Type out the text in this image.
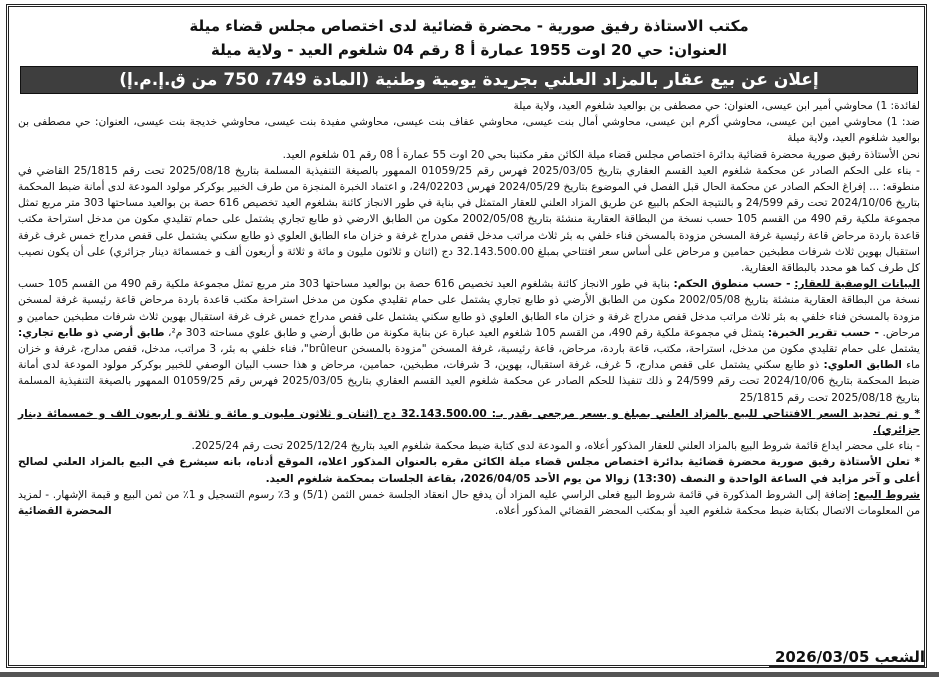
مكتب الاستاذة رفيق صورية - محضرة قضائية لدى اختصاص مجلس قضاء ميلة
العنوان: حي 20 اوت 1955 عمارة أ 8 رقم 04 شلغوم العيد - ولاية ميلة
إعلان عن بيع عقار بالمزاد العلني بجريدة يومية وطنية (المادة 749، 750 من ق.إ.م.إ)

لفائدة: 1) محاوشي أمير ابن عيسى، العنوان: حي مصطفى بن بوالعيد شلغوم العيد، ولاية ميلة

ضد: 1) محاوشي امين ابن عيسى، محاوشي أكرم ابن عيسى، محاوشي أمال بنت عيسى، محاوشي عفاف بنت عيسى، محاوشي مفيدة بنت عيسى، محاوشي خديجة بنت عيسى، العنوان: حي مصطفى بن بوالعيد شلغوم العيد، ولاية ميلة

نحن الأستاذة رفيق صورية محضرة قضائية بدائرة اختصاص مجلس قضاء ميلة الكائن مقر مكتبنا بحي 20 اوت 55 عمارة أ 08 رقم 01 شلغوم العيد.

- بناء على الحكم الصادر عن محكمة شلغوم العيد القسم العقاري بتاريخ 2025/03/05 فهرس رقم 01059/25 الممهور بالصيغة التنفيذية المسلمة بتاريخ 2025/08/18 تحت رقم 25/1815 القاضي في منطوقه: ... إفراغ الحكم الصادر عن محكمة الحال قبل الفصل في الموضوع بتاريخ 2024/05/29 فهرس 24/02203، و اعتماد الخبرة المنجزة من طرف الخبير بوكركر مولود المودعة لدى أمانة ضبط المحكمة بتاريخ 2024/10/06 تحت رقم 24/599 و بالنتيجة الحكم بالبيع عن طريق المزاد العلني للعقار المتمثل في بناية في طور الانجاز كائنة بشلغوم العيد تخصيص 616 حصة بن بوالعيد مساحتها 303 متر مربع تمثل مجموعة ملكية رقم 490 من القسم 105 حسب نسخة من البطاقة العقارية منشئة بتاريخ 2002/05/08 مكون من الطابق الارضي ذو طابع تجاري يشتمل على حمام تقليدي مكون من مدخل استراحة مكتب قاعدة باردة مرحاض قاعة رئيسية غرفة المسخن مزودة بالمسخن فناء خلفي به بئر ثلاث مراتب مدخل قفص مدراج غرفة و خزان ماء الطابق العلوي ذو طابع سكني يشتمل على قفص مدراج خمس غرف غرفة استقبال بهوين ثلاث شرفات مطبخين حمامين و مرحاض على أساس سعر افتتاحي بمبلغ 32.143.500.00 دج (اثنان و ثلاثون مليون و مائة و ثلاثة و أربعون ألف و خمسمائة دينار جزائري) على أن يكون نصيب كل طرف كما هو محدد بالبطاقة العقارية.

البيانات الوصفية للعقار: - حسب منطوق الحكم: بناية في طور الانجاز كائنة بشلغوم العيد تخصيص 616 حصة بن بوالعيد مساحتها 303 متر مربع تمثل مجموعة ملكية رقم 490 من القسم 105 حسب نسخة من البطاقة العقارية منشئة بتاريخ 2002/05/08 مكون من الطابق الأرضي ذو طابع تجاري يشتمل على حمام تقليدي مكون من مدخل استراحة مكتب قاعدة باردة مرحاض قاعة رئيسية غرفة لمسخن مزودة بالمسخن فناء خلفي به بئر ثلاث مراتب مدخل قفص مدراج غرفة و خزان ماء الطابق العلوي ذو طابع سكني يشتمل على قفص مدراج خمس غرف غرفة استقبال بهوين ثلاث شرفات مطبخين حمامين و مرحاض. - حسب تقرير الخبرة: يتمثل في مجموعة ملكية رقم 490، من القسم 105 شلغوم العيد عبارة عن بناية مكونة من طابق أرضي و طابق علوي مساحته 303 م²، طابق أرضي ذو طابع تجاري: يشتمل على حمام تقليدي مكون من مدخل، استراحة، مكتب، قاعة باردة، مرحاض، قاعة رئيسية، غرفة المسخن "مزودة بالمسخن brûleur"، فناء خلفي به بئر، 3 مراتب، مدخل، قفص مدارج، غرفة و خزان ماء الطابق العلوي: ذو طابع سكني يشتمل على قفص مدارج، 5 غرف، غرفة استقبال، بهوين، 3 شرفات، مطبخين، حمامين، مرحاض و هذا حسب البيان الوصفي للخبير بوكركر مولود المودعة لدى أمانة ضبط المحكمة بتاريخ 2024/10/06 تحت رقم 24/599 و ذلك تنفيذا للحكم الصادر عن محكمة شلغوم العيد القسم العقاري بتاريخ 2025/03/05 فهرس رقم 01059/25 الممهور بالصيغة التنفيذية المسلمة بتاريخ 2025/08/18 تحت رقم 25/1815

* و تم تحديد السعر الافتتاحي للبيع بالمزاد العلني بمبلغ و بسعر مرجعي يقدر بـ: 32.143.500.00 دج (اثنان و ثلاثون مليون و مائة و ثلاثة و اربعون الف و خمسمائة دينار جزائري).

- بناء على محضر ايداع قائمة شروط البيع بالمزاد العلني للعقار المذكور أعلاه، و المودعة لدى كتابة ضبط محكمة شلغوم العيد بتاريخ 2025/12/24 تحت رقم 2025/24.

* تعلن الأستاذة رفيق صورية محضرة قضائية بدائرة اختصاص مجلس قضاء ميلة الكائن مقره بالعنوان المذكور اعلاه، الموقع أدناه، بانه سيشرع في البيع بالمزاد العلني لصالح أعلى و آخر مزايد في الساعة الواحدة و النصف (13:30) زوالا من يوم الأحد 2026/04/05، بقاعة الجلسات بمحكمة شلغوم العيد.

شروط البيع: إضافة إلى الشروط المذكورة في قائمة شروط البيع فعلى الراسي عليه المزاد أن يدفع حال انعقاد الجلسة خمس الثمن (5/1) و 3٪ رسوم التسجيل و 1٪ من ثمن البيع و قيمة الإشهار. - لمزيد من المعلومات الاتصال بكتابة ضبط محكمة شلغوم العيد أو بمكتب المحضر القضائي المذكور أعلاه.
المحضرة القضائية

الشعب 2026/03/05
